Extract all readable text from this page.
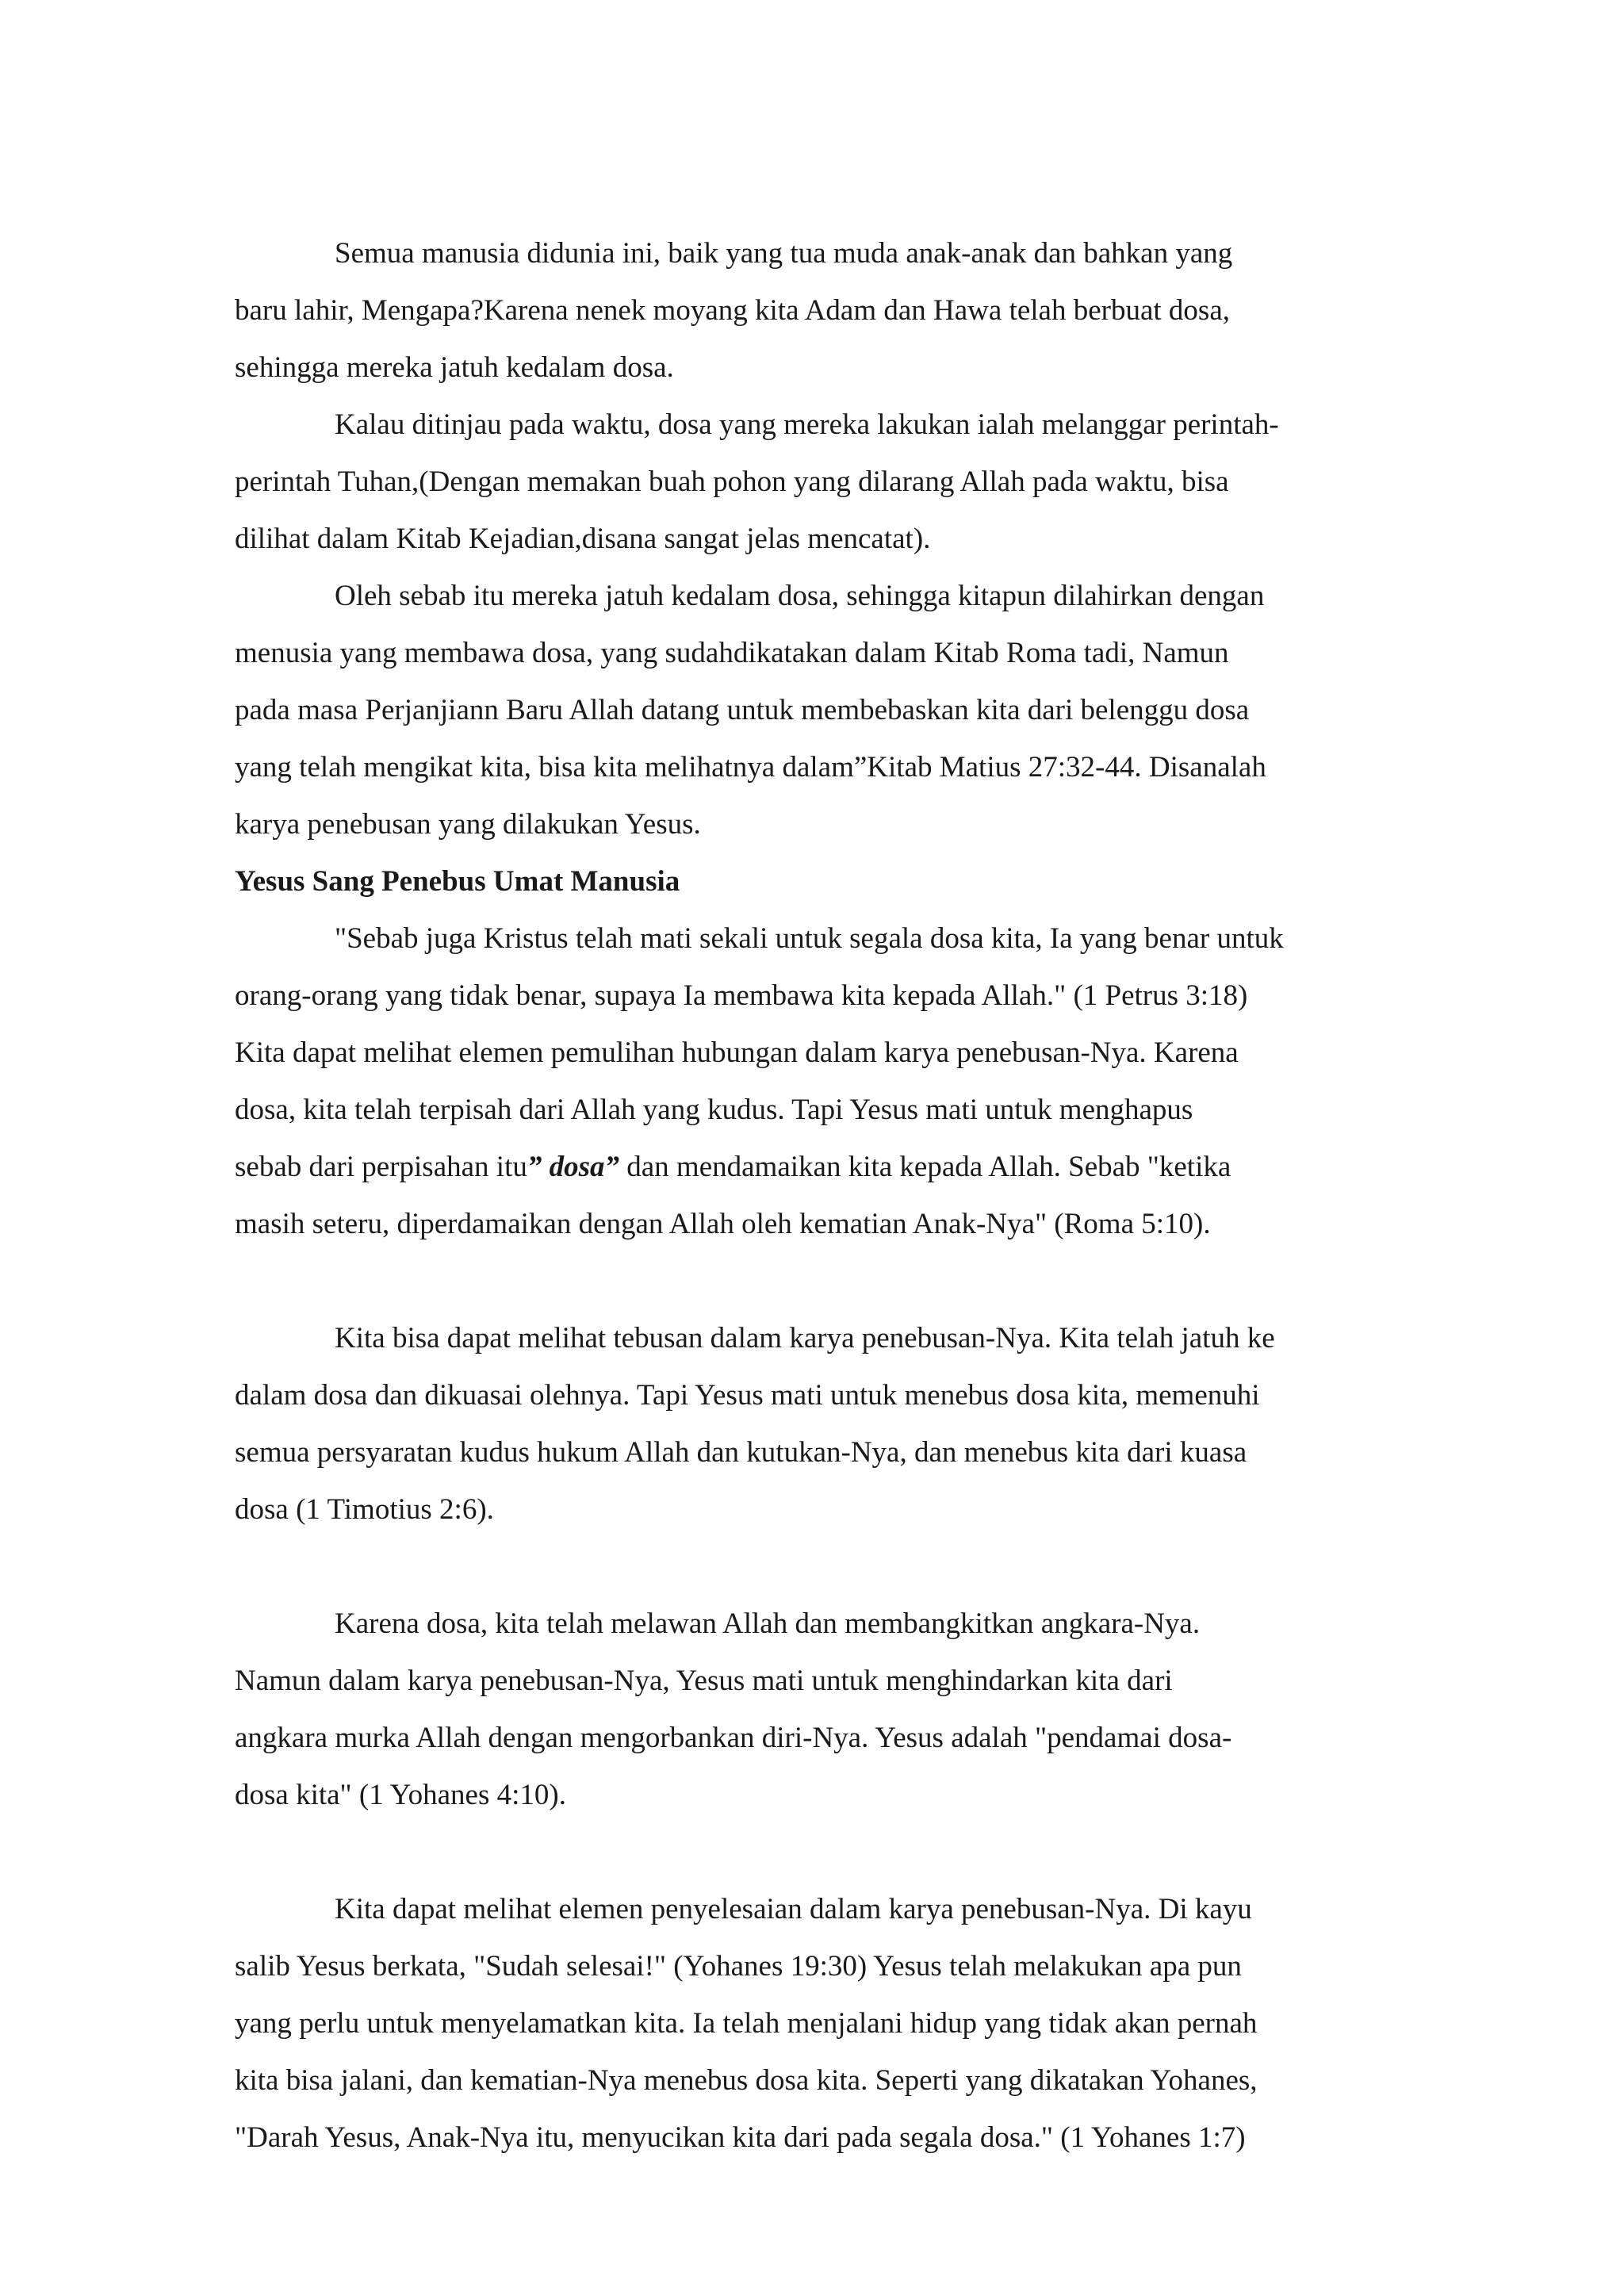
Semua manusia didunia ini, baik yang tua muda anak-anak dan bahkan yang
baru lahir, Mengapa?Karena nenek moyang kita Adam dan Hawa telah berbuat dosa,
sehingga mereka jatuh kedalam dosa.

Kalau ditinjau pada waktu, dosa yang mereka lakukan ialah melanggar perintah-
perintah Tuhan,(Dengan memakan buah pohon yang dilarang Allah pada waktu, bisa
dilihat dalam Kitab Kejadian,disana sangat jelas mencatat).

Oleh sebab itu mereka jatuh kedalam dosa, sehingga kitapun dilahirkan dengan
menusia yang membawa dosa, yang sudahdikatakan dalam Kitab Roma tadi, Namun
pada masa Perjanjiann Baru Allah datang untuk membebaskan kita dari belenggu dosa
yang telah mengikat kita, bisa kita melihatnya dalam”Kitab Matius 27:32-44. Disanalah
karya penebusan yang dilakukan Yesus.

Yesus Sang Penebus Umat Manusia

"Sebab juga Kristus telah mati sekali untuk segala dosa kita, Ia yang benar untuk
orang-orang yang tidak benar, supaya Ia membawa kita kepada Allah." (1 Petrus 3:18)
Kita dapat melihat elemen pemulihan hubungan dalam karya penebusan-Nya. Karena
dosa, kita telah terpisah dari Allah yang kudus. Tapi Yesus mati untuk menghapus
sebab dari perpisahan itu” dosa” dan mendamaikan kita kepada Allah. Sebab "ketika
masih seteru, diperdamaikan dengan Allah oleh kematian Anak-Nya" (Roma 5:10).

Kita bisa dapat melihat tebusan dalam karya penebusan-Nya. Kita telah jatuh ke
dalam dosa dan dikuasai olehnya. Tapi Yesus mati untuk menebus dosa kita, memenuhi
semua persyaratan kudus hukum Allah dan kutukan-Nya, dan menebus kita dari kuasa
dosa (1 Timotius 2:6).

Karena dosa, kita telah melawan Allah dan membangkitkan angkara-Nya.
Namun dalam karya penebusan-Nya, Yesus mati untuk menghindarkan kita dari
angkara murka Allah dengan mengorbankan diri-Nya. Yesus adalah "pendamai dosa-
dosa kita" (1 Yohanes 4:10).

Kita dapat melihat elemen penyelesaian dalam karya penebusan-Nya. Di kayu
salib Yesus berkata, "Sudah selesai!" (Yohanes 19:30) Yesus telah melakukan apa pun
yang perlu untuk menyelamatkan kita. Ia telah menjalani hidup yang tidak akan pernah
kita bisa jalani, dan kematian-Nya menebus dosa kita. Seperti yang dikatakan Yohanes,
"Darah Yesus, Anak-Nya itu, menyucikan kita dari pada segala dosa." (1 Yohanes 1:7)
